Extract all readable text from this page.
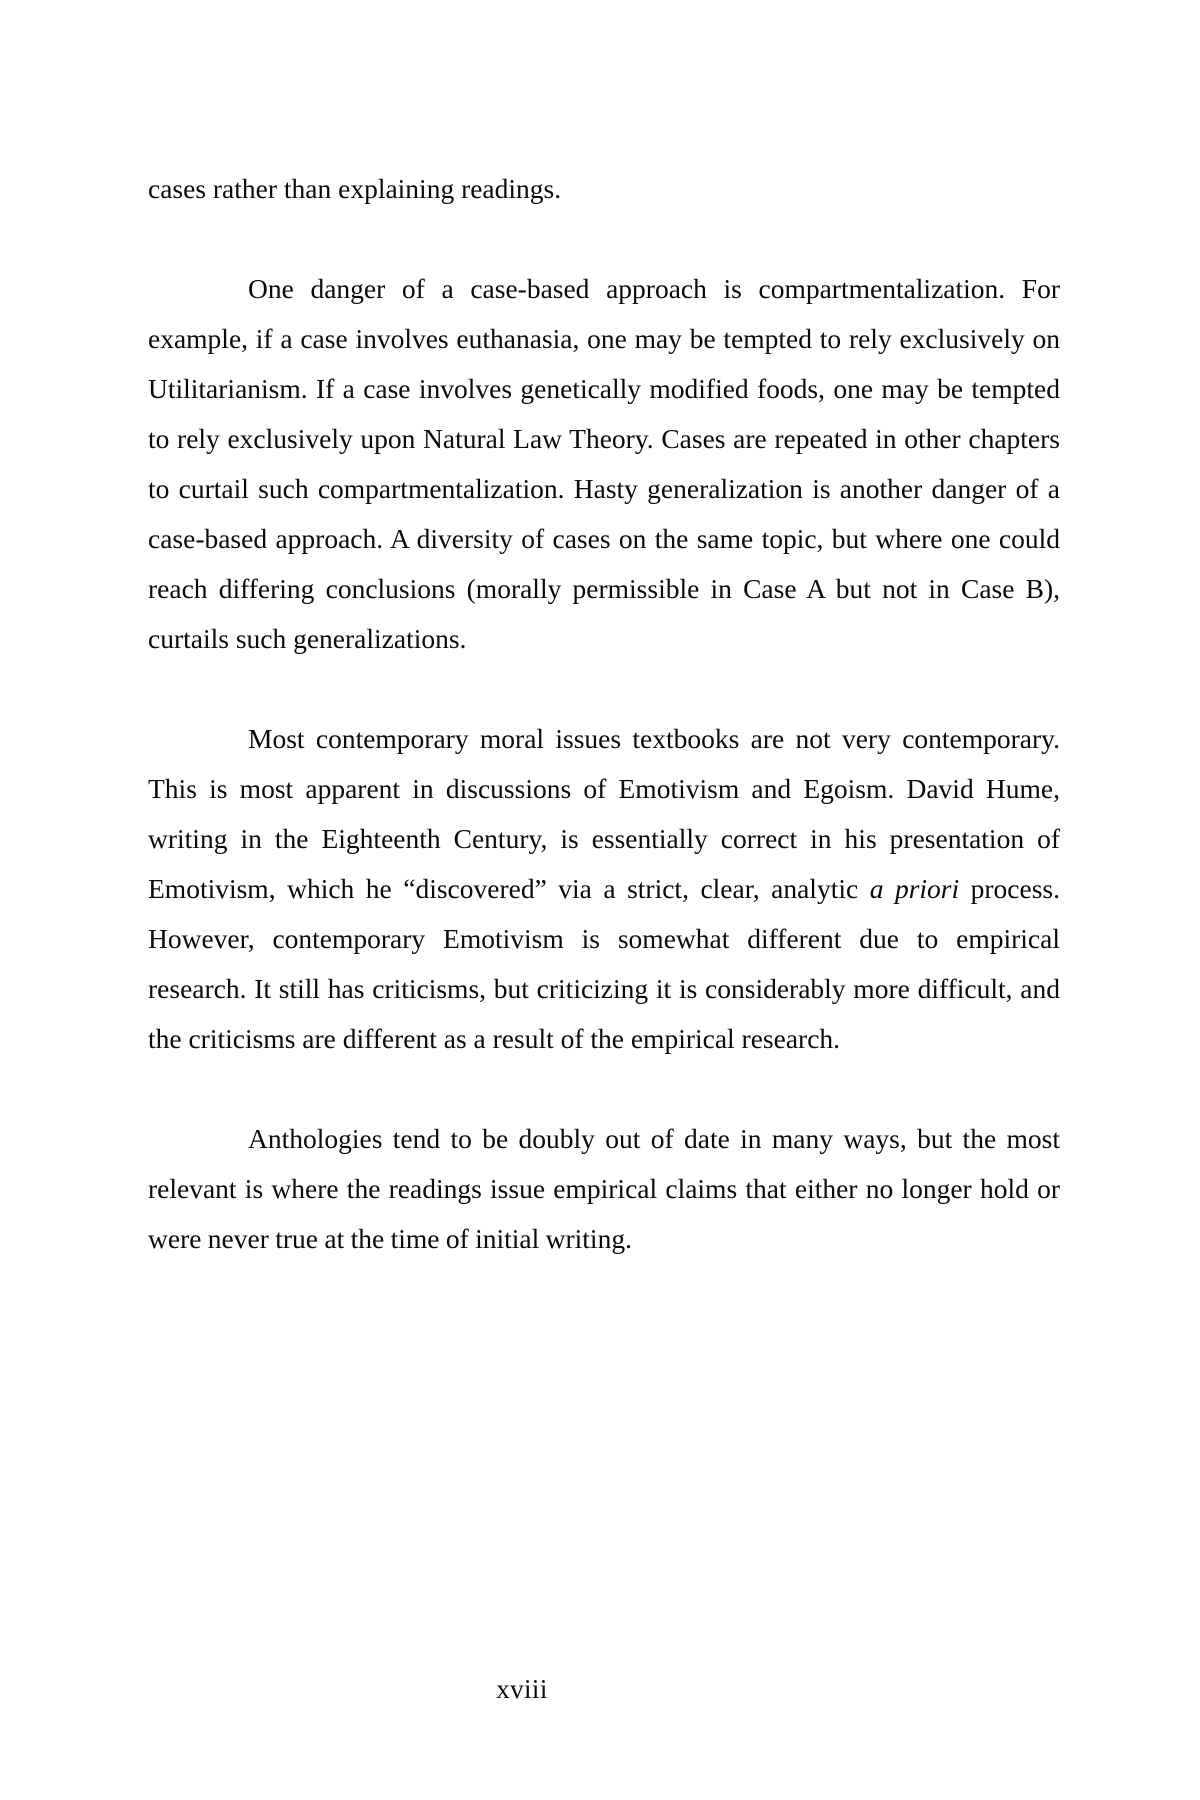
cases rather than explaining readings.

One danger of a case-based approach is compartmentalization. For example, if a case involves euthanasia, one may be tempted to rely exclusively on Utilitarianism. If a case involves genetically modified foods, one may be tempted to rely exclusively upon Natural Law Theory. Cases are repeated in other chapters to curtail such compartmentalization. Hasty generalization is another danger of a case-based approach. A diversity of cases on the same topic, but where one could reach differing conclusions (morally permissible in Case A but not in Case B), curtails such generalizations.

Most contemporary moral issues textbooks are not very contemporary. This is most apparent in discussions of Emotivism and Egoism. David Hume, writing in the Eighteenth Century, is essentially correct in his presentation of Emotivism, which he “discovered” via a strict, clear, analytic a priori process. However, contemporary Emotivism is somewhat different due to empirical research. It still has criticisms, but criticizing it is considerably more difficult, and the criticisms are different as a result of the empirical research.

Anthologies tend to be doubly out of date in many ways, but the most relevant is where the readings issue empirical claims that either no longer hold or were never true at the time of initial writing.

xviii
